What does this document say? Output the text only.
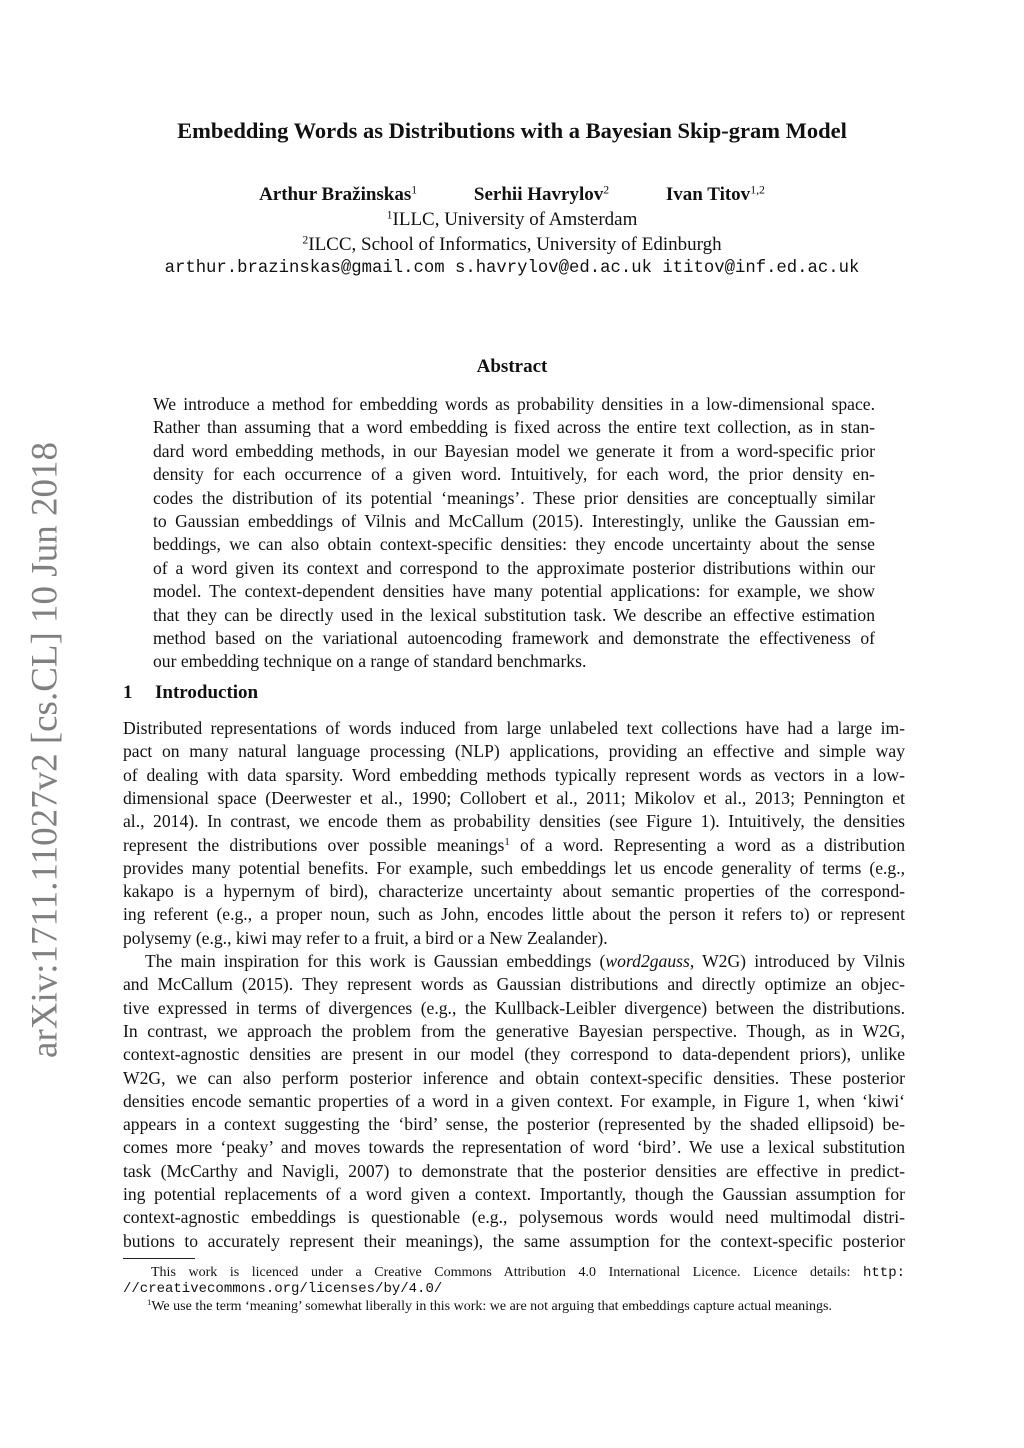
arXiv:1711.11027v2 [cs.CL] 10 Jun 2018
Embedding Words as Distributions with a Bayesian Skip-gram Model
Arthur Bražinskas$^1$	Serhii Havrylov$^2$	Ivan Titov$^{1,2}$
$^1$ILLC, University of Amsterdam
$^2$ILCC, School of Informatics, University of Edinburgh
arthur.brazinskas@gmail.com s.havrylov@ed.ac.uk ititov@inf.ed.ac.uk
Abstract
We introduce a method for embedding words as probability densities in a low-dimensional space.
Rather than assuming that a word embedding is fixed across the entire text collection, as in stan-
dard word embedding methods, in our Bayesian model we generate it from a word-specific prior
density for each occurrence of a given word. Intuitively, for each word, the prior density en-
codes the distribution of its potential ‘meanings’. These prior densities are conceptually similar
to Gaussian embeddings of Vilnis and McCallum (2015). Interestingly, unlike the Gaussian em-
beddings, we can also obtain context-specific densities: they encode uncertainty about the sense
of a word given its context and correspond to the approximate posterior distributions within our
model. The context-dependent densities have many potential applications: for example, we show
that they can be directly used in the lexical substitution task. We describe an effective estimation
method based on the variational autoencoding framework and demonstrate the effectiveness of
our embedding technique on a range of standard benchmarks.
1 Introduction
Distributed representations of words induced from large unlabeled text collections have had a large im-
pact on many natural language processing (NLP) applications, providing an effective and simple way
of dealing with data sparsity. Word embedding methods typically represent words as vectors in a low-
dimensional space (Deerwester et al., 1990; Collobert et al., 2011; Mikolov et al., 2013; Pennington et
al., 2014). In contrast, we encode them as probability densities (see Figure 1). Intuitively, the densities
represent the distributions over possible meanings$^1$ of a word. Representing a word as a distribution
provides many potential benefits. For example, such embeddings let us encode generality of terms (e.g.,
kakapo is a hypernym of bird), characterize uncertainty about semantic properties of the correspond-
ing referent (e.g., a proper noun, such as John, encodes little about the person it refers to) or represent
polysemy (e.g., kiwi may refer to a fruit, a bird or a New Zealander).
The main inspiration for this work is Gaussian embeddings (word2gauss, W2G) introduced by Vilnis
and McCallum (2015). They represent words as Gaussian distributions and directly optimize an objec-
tive expressed in terms of divergences (e.g., the Kullback-Leibler divergence) between the distributions.
In contrast, we approach the problem from the generative Bayesian perspective. Though, as in W2G,
context-agnostic densities are present in our model (they correspond to data-dependent priors), unlike
W2G, we can also perform posterior inference and obtain context-specific densities. These posterior
densities encode semantic properties of a word in a given context. For example, in Figure 1, when ‘kiwi‘
appears in a context suggesting the ‘bird’ sense, the posterior (represented by the shaded ellipsoid) be-
comes more ‘peaky’ and moves towards the representation of word ‘bird’. We use a lexical substitution
task (McCarthy and Navigli, 2007) to demonstrate that the posterior densities are effective in predict-
ing potential replacements of a word given a context. Importantly, though the Gaussian assumption for
context-agnostic embeddings is questionable (e.g., polysemous words would need multimodal distri-
butions to accurately represent their meanings), the same assumption for the context-specific posterior
This work is licenced under a Creative Commons Attribution 4.0 International Licence. Licence details: http:
//creativecommons.org/licenses/by/4.0/
$^1$We use the term ‘meaning’ somewhat liberally in this work: we are not arguing that embeddings capture actual meanings.
